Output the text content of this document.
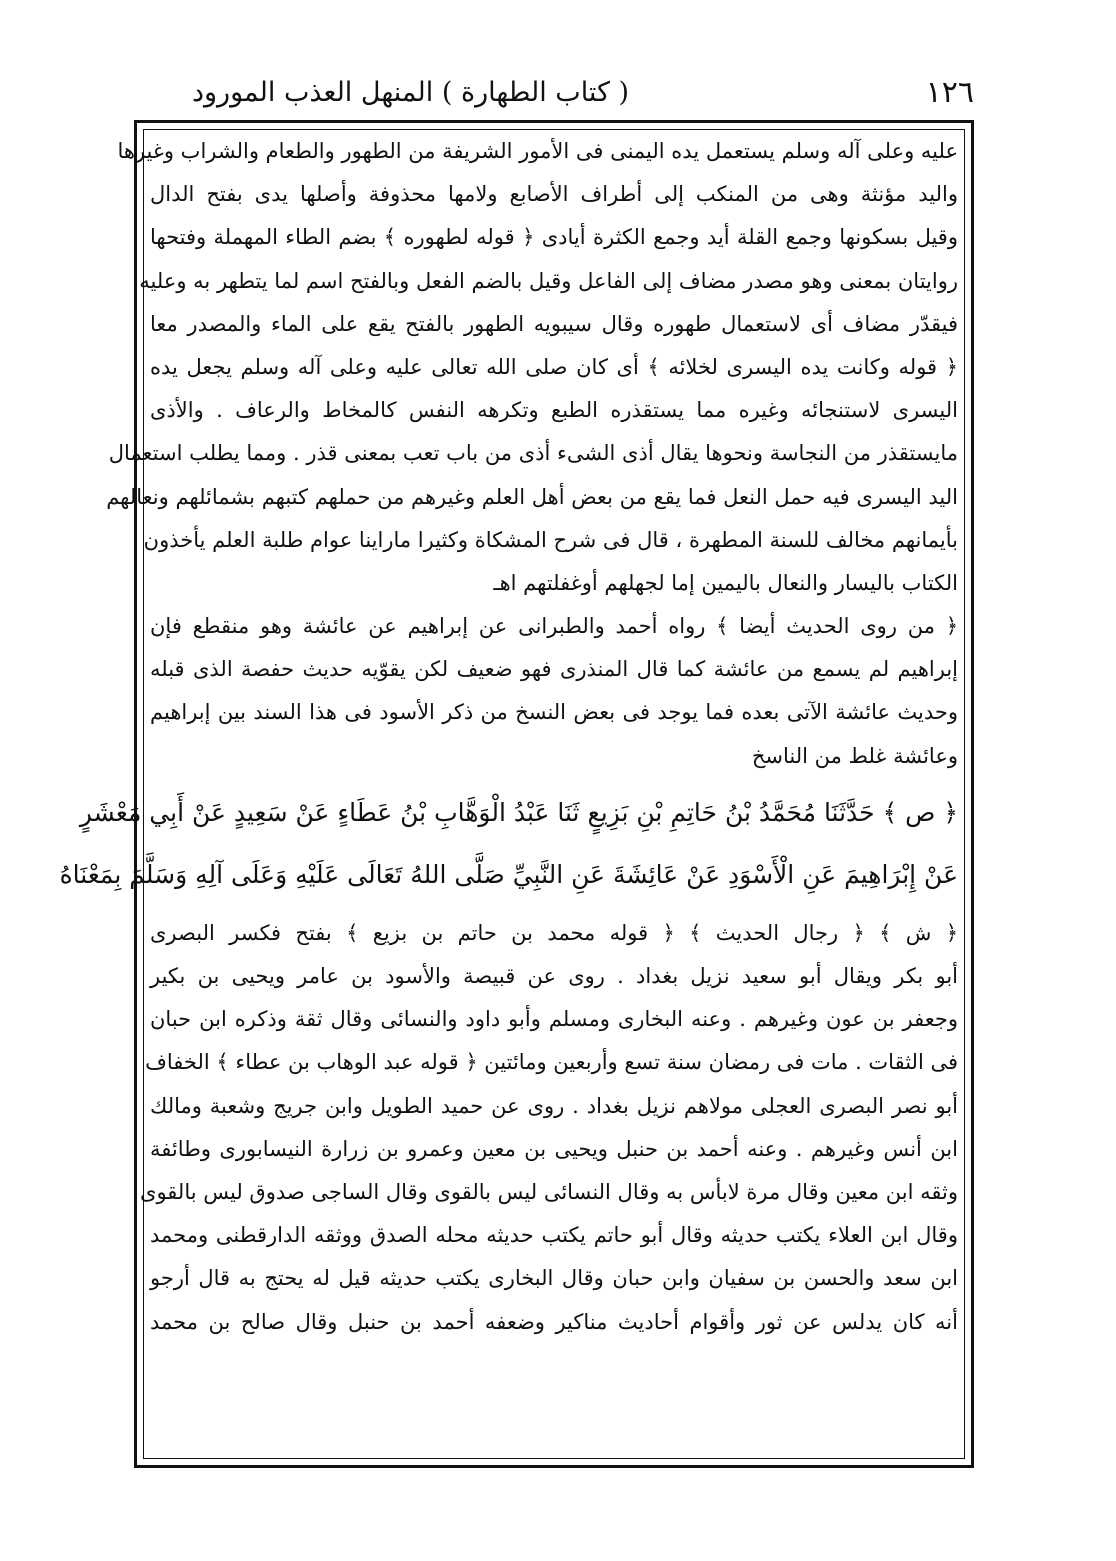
١٢٦
( كتاب الطهارة ) المنهل العذب المورود
عليه وعلى آله وسلم يستعمل يده اليمنى فى الأمور الشريفة من الطهور والطعام والشراب وغيرها
واليد مؤنثة وهى من المنكب إلى أطراف الأصابع ولامها محذوفة وأصلها يدى بفتح الدال
وقيل بسكونها وجمع القلة أيد وجمع الكثرة أيادى ﴿ قوله لطهوره ﴾ بضم الطاء المهملة وفتحها
روايتان بمعنى وهو مصدر مضاف إلى الفاعل وقيل بالضم الفعل وبالفتح اسم لما يتطهر به وعليه
فيقدّر مضاف أى لاستعمال طهوره وقال سيبويه الطهور بالفتح يقع على الماء والمصدر معا
﴿ قوله وكانت يده اليسرى لخلائه ﴾ أى كان صلى الله تعالى عليه وعلى آله وسلم يجعل يده
اليسرى لاستنجائه وغيره مما يستقذره الطبع وتكرهه النفس كالمخاط والرعاف . والأذى
مايستقذر من النجاسة ونحوها يقال أذى الشىء أذى من باب تعب بمعنى قذر . ومما يطلب استعمال
اليد اليسرى فيه حمل النعل فما يقع من بعض أهل العلم وغيرهم من حملهم كتبهم بشمائلهم ونعالهم
بأيمانهم مخالف للسنة المطهرة ، قال فى شرح المشكاة وكثيرا ماراينا عوام طلبة العلم يأخذون
الكتاب باليسار والنعال باليمين إما لجهلهم أوغفلتهم اهـ
﴿ من روى الحديث أيضا ﴾ رواه أحمد والطبرانى عن إبراهيم عن عائشة وهو منقطع فإن
إبراهيم لم يسمع من عائشة كما قال المنذرى فهو ضعيف لكن يقوّيه حديث حفصة الذى قبله
وحديث عائشة الآتى بعده فما يوجد فى بعض النسخ من ذكر الأسود فى هذا السند بين إبراهيم
وعائشة غلط من الناسخ
﴿ ص ﴾ حَدَّثَنَا مُحَمَّدُ بْنُ حَاتِمِ بْنِ بَزِيعٍ ثَنَا عَبْدُ الْوَهَّابِ بْنُ عَطَاءٍ عَنْ سَعِيدٍ عَنْ أَبِي مَعْشَرٍ
عَنْ إِبْرَاهِيمَ عَنِ الْأَسْوَدِ عَنْ عَائِشَةَ عَنِ النَّبِيِّ صَلَّى اللهُ تَعَالَى عَلَيْهِ وَعَلَى آلِهِ وَسَلَّمَ بِمَعْنَاهُ
﴿ ش ﴾ ﴿ رجال الحديث ﴾ ﴿ قوله محمد بن حاتم بن بزيع ﴾ بفتح فكسر البصرى
أبو بكر ويقال أبو سعيد نزيل بغداد . روى عن قبيصة والأسود بن عامر ويحيى بن بكير
وجعفر بن عون وغيرهم . وعنه البخارى ومسلم وأبو داود والنسائى وقال ثقة وذكره ابن حبان
فى الثقات . مات فى رمضان سنة تسع وأربعين ومائتين ﴿ قوله عبد الوهاب بن عطاء ﴾ الخفاف
أبو نصر البصرى العجلى مولاهم نزيل بغداد . روى عن حميد الطويل وابن جريج وشعبة ومالك
ابن أنس وغيرهم . وعنه أحمد بن حنبل ويحيى بن معين وعمرو بن زرارة النيسابورى وطائفة
وثقه ابن معين وقال مرة لابأس به وقال النسائى ليس بالقوى وقال الساجى صدوق ليس بالقوى
وقال ابن العلاء يكتب حديثه وقال أبو حاتم يكتب حديثه محله الصدق ووثقه الدارقطنى ومحمد
ابن سعد والحسن بن سفيان وابن حبان وقال البخارى يكتب حديثه قيل له يحتج به قال أرجو
أنه كان يدلس عن ثور وأقوام أحاديث مناكير وضعفه أحمد بن حنبل وقال صالح بن محمد
